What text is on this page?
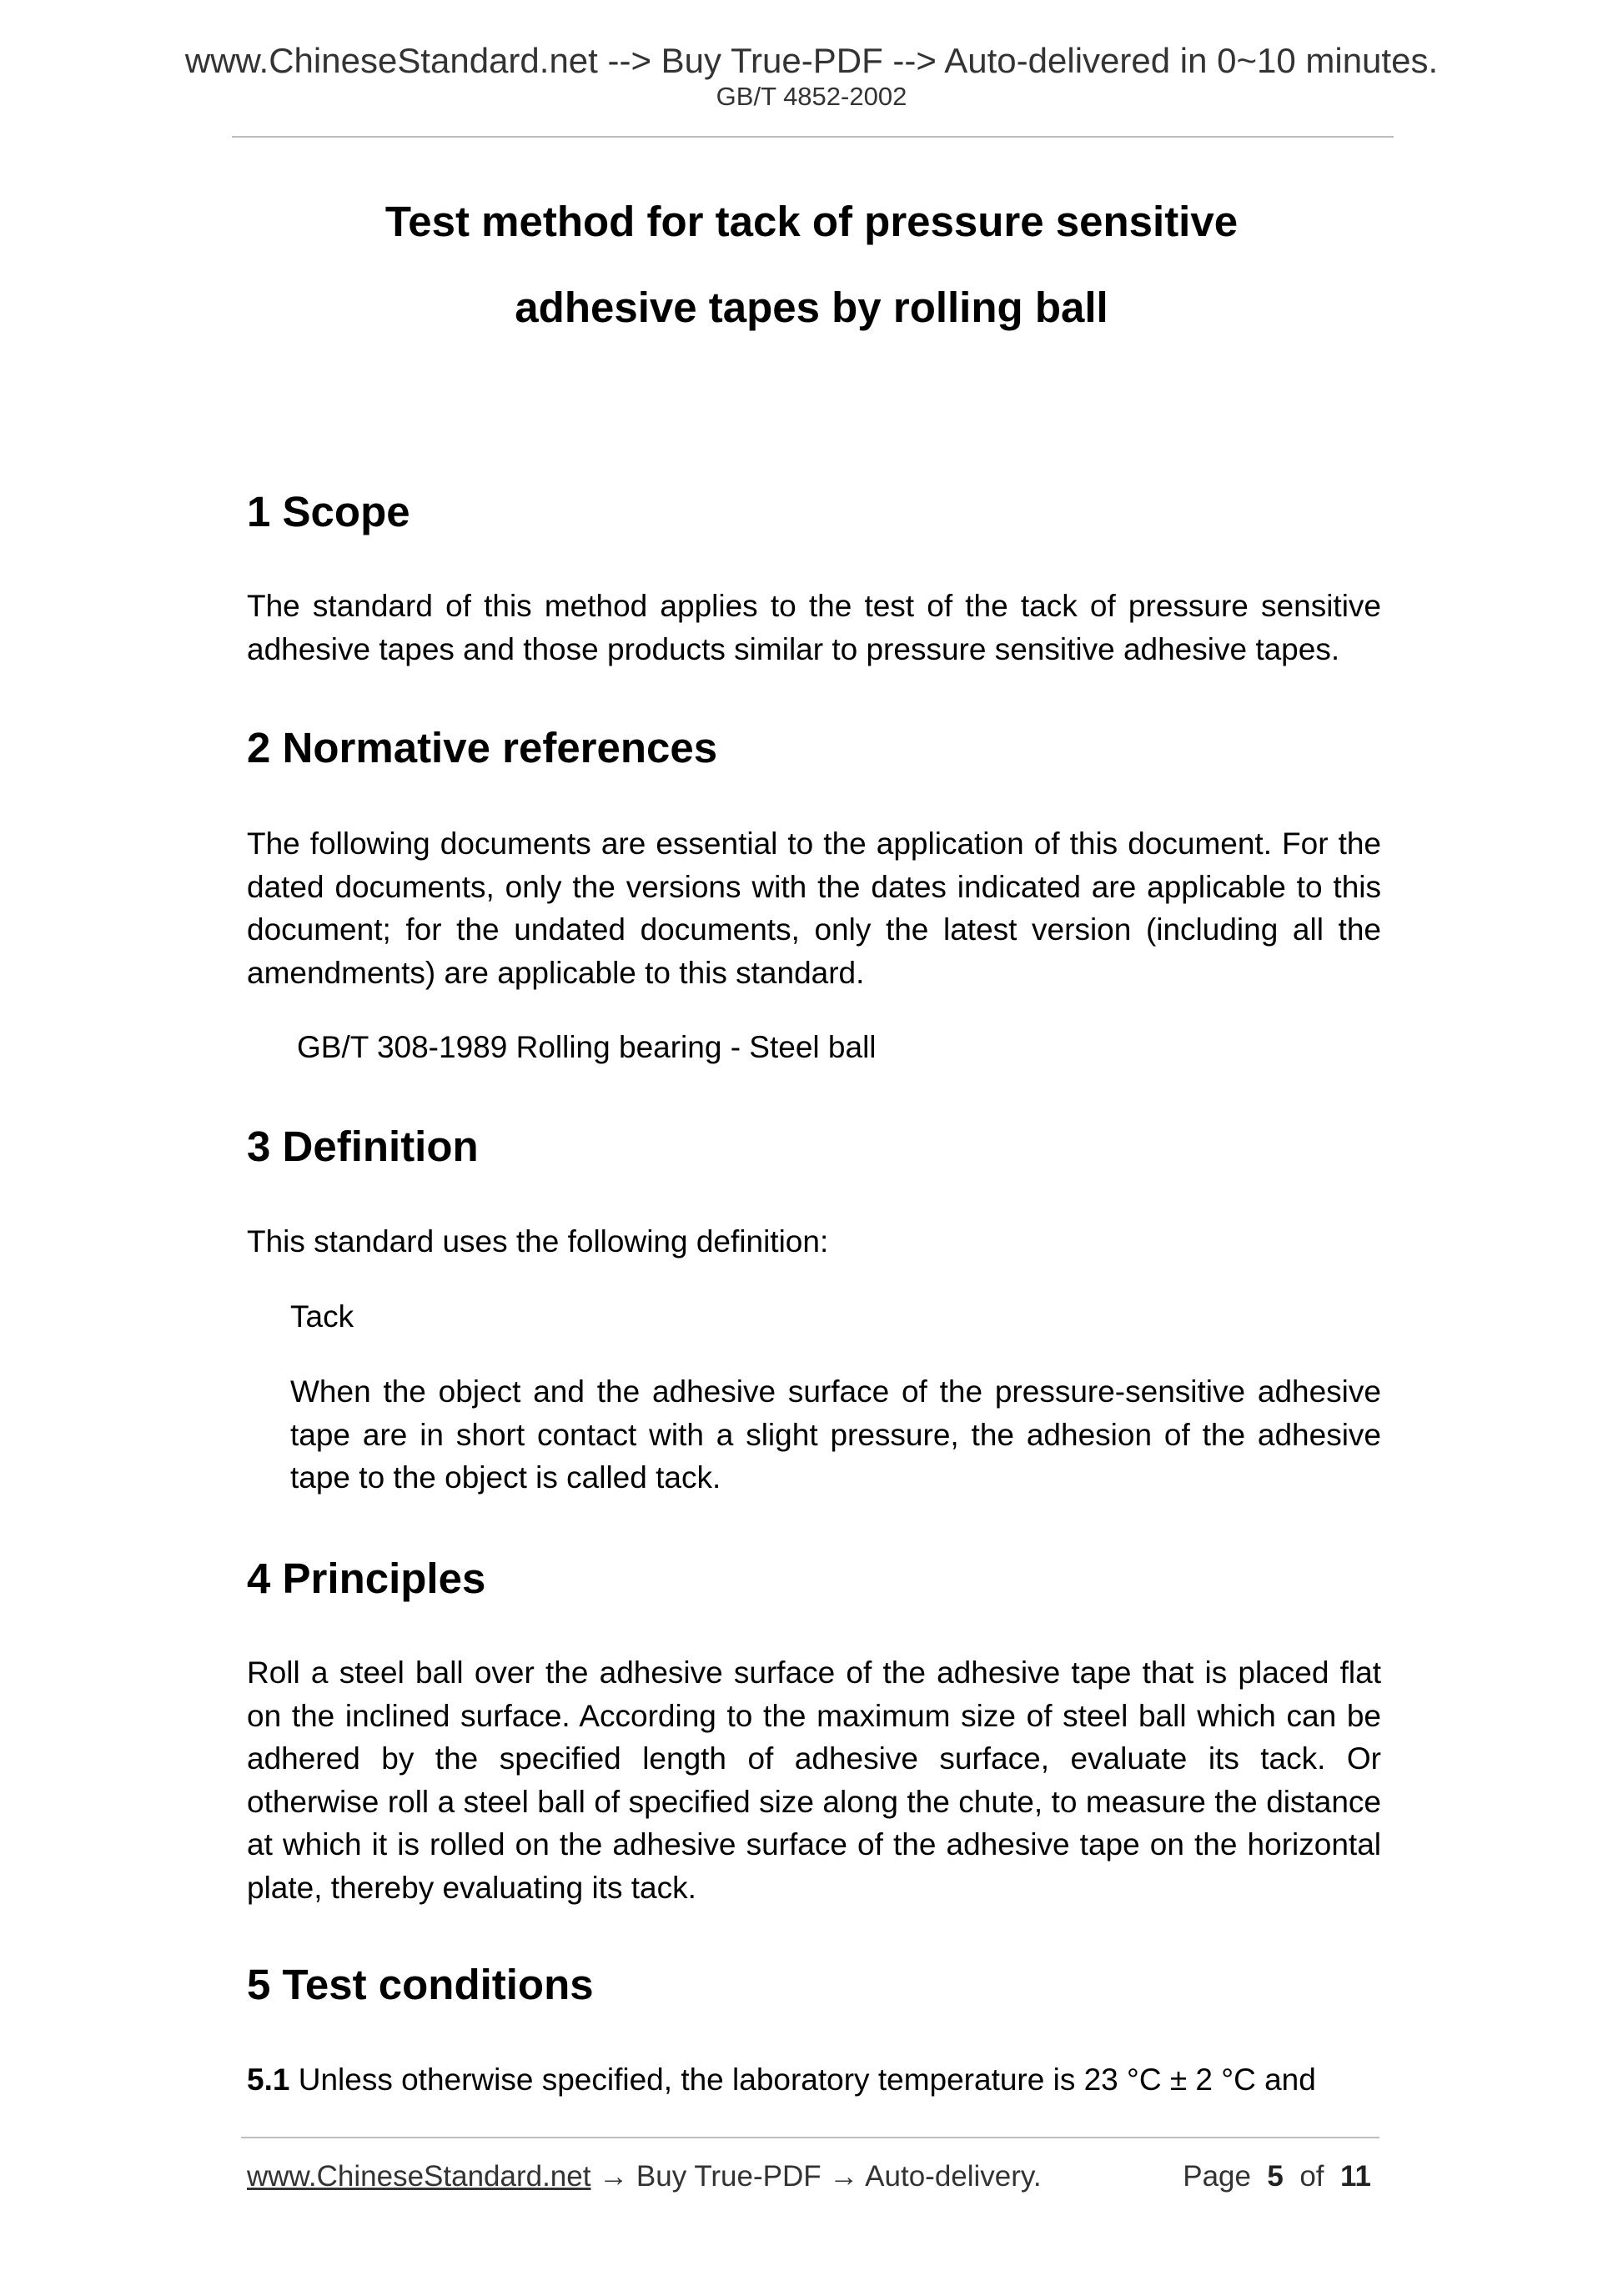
www.ChineseStandard.net --> Buy True-PDF --> Auto-delivered in 0~10 minutes.
GB/T 4852-2002
Test method for tack of pressure sensitive
adhesive tapes by rolling ball
1 Scope

The standard of this method applies to the test of the tack of pressure sensitive adhesive tapes and those products similar to pressure sensitive adhesive tapes.

2 Normative references

The following documents are essential to the application of this document. For the dated documents, only the versions with the dates indicated are applicable to this document; for the undated documents, only the latest version (including all the amendments) are applicable to this standard.

GB/T 308-1989 Rolling bearing - Steel ball

3 Definition

This standard uses the following definition:

Tack

When the object and the adhesive surface of the pressure-sensitive adhesive tape are in short contact with a slight pressure, the adhesion of the adhesive tape to the object is called tack.

4 Principles

Roll a steel ball over the adhesive surface of the adhesive tape that is placed flat on the inclined surface. According to the maximum size of steel ball which can be adhered by the specified length of adhesive surface, evaluate its tack. Or otherwise roll a steel ball of specified size along the chute, to measure the distance at which it is rolled on the adhesive surface of the adhesive tape on the horizontal plate, thereby evaluating its tack.

5 Test conditions

5.1 Unless otherwise specified, the laboratory temperature is 23 °C ± 2 °C and

www.ChineseStandard.net → Buy True-PDF → Auto-delivery.	Page 5 of 11
